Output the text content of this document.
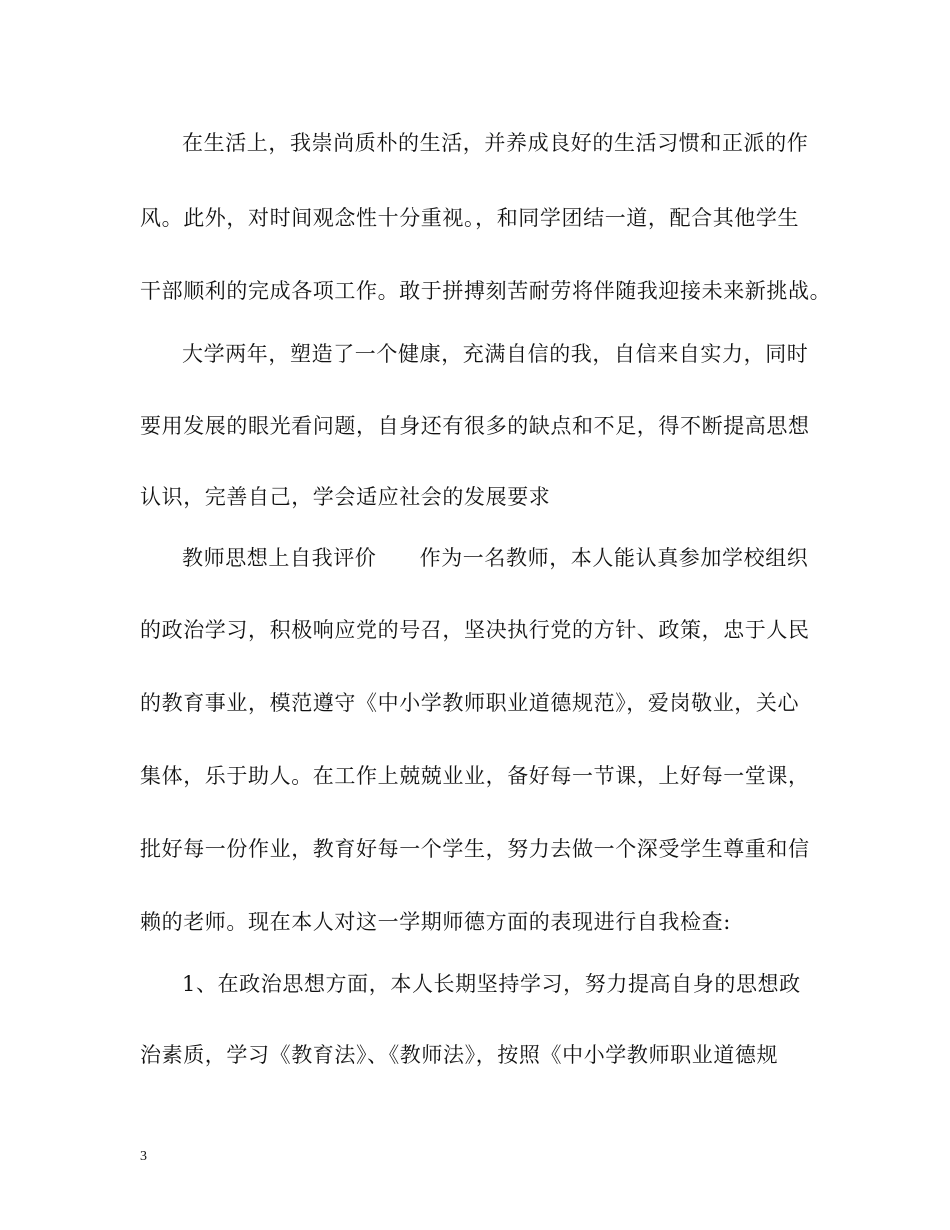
在生活上，我崇尚质朴的生活，并养成良好的生活习惯和正派的作
风。此外，对时间观念性十分重视。，和同学团结一道，配合其他学生
干部顺利的完成各项工作。敢于拼搏刻苦耐劳将伴随我迎接未来新挑战。
大学两年，塑造了一个健康，充满自信的我，自信来自实力，同时
要用发展的眼光看问题，自身还有很多的缺点和不足，得不断提高思想
认识，完善自己，学会适应社会的发展要求
教师思想上自我评价　　作为一名教师，本人能认真参加学校组织
的政治学习，积极响应党的号召，坚决执行党的方针、政策，忠于人民
的教育事业，模范遵守《中小学教师职业道德规范》，爱岗敬业，关心
集体，乐于助人。在工作上兢兢业业，备好每一节课，上好每一堂课，
批好每一份作业，教育好每一个学生，努力去做一个深受学生尊重和信
赖的老师。现在本人对这一学期师德方面的表现进行自我检查:
1、在政治思想方面，本人长期坚持学习，努力提高自身的思想政
治素质，学习《教育法》、《教师法》，按照《中小学教师职业道德规
3
